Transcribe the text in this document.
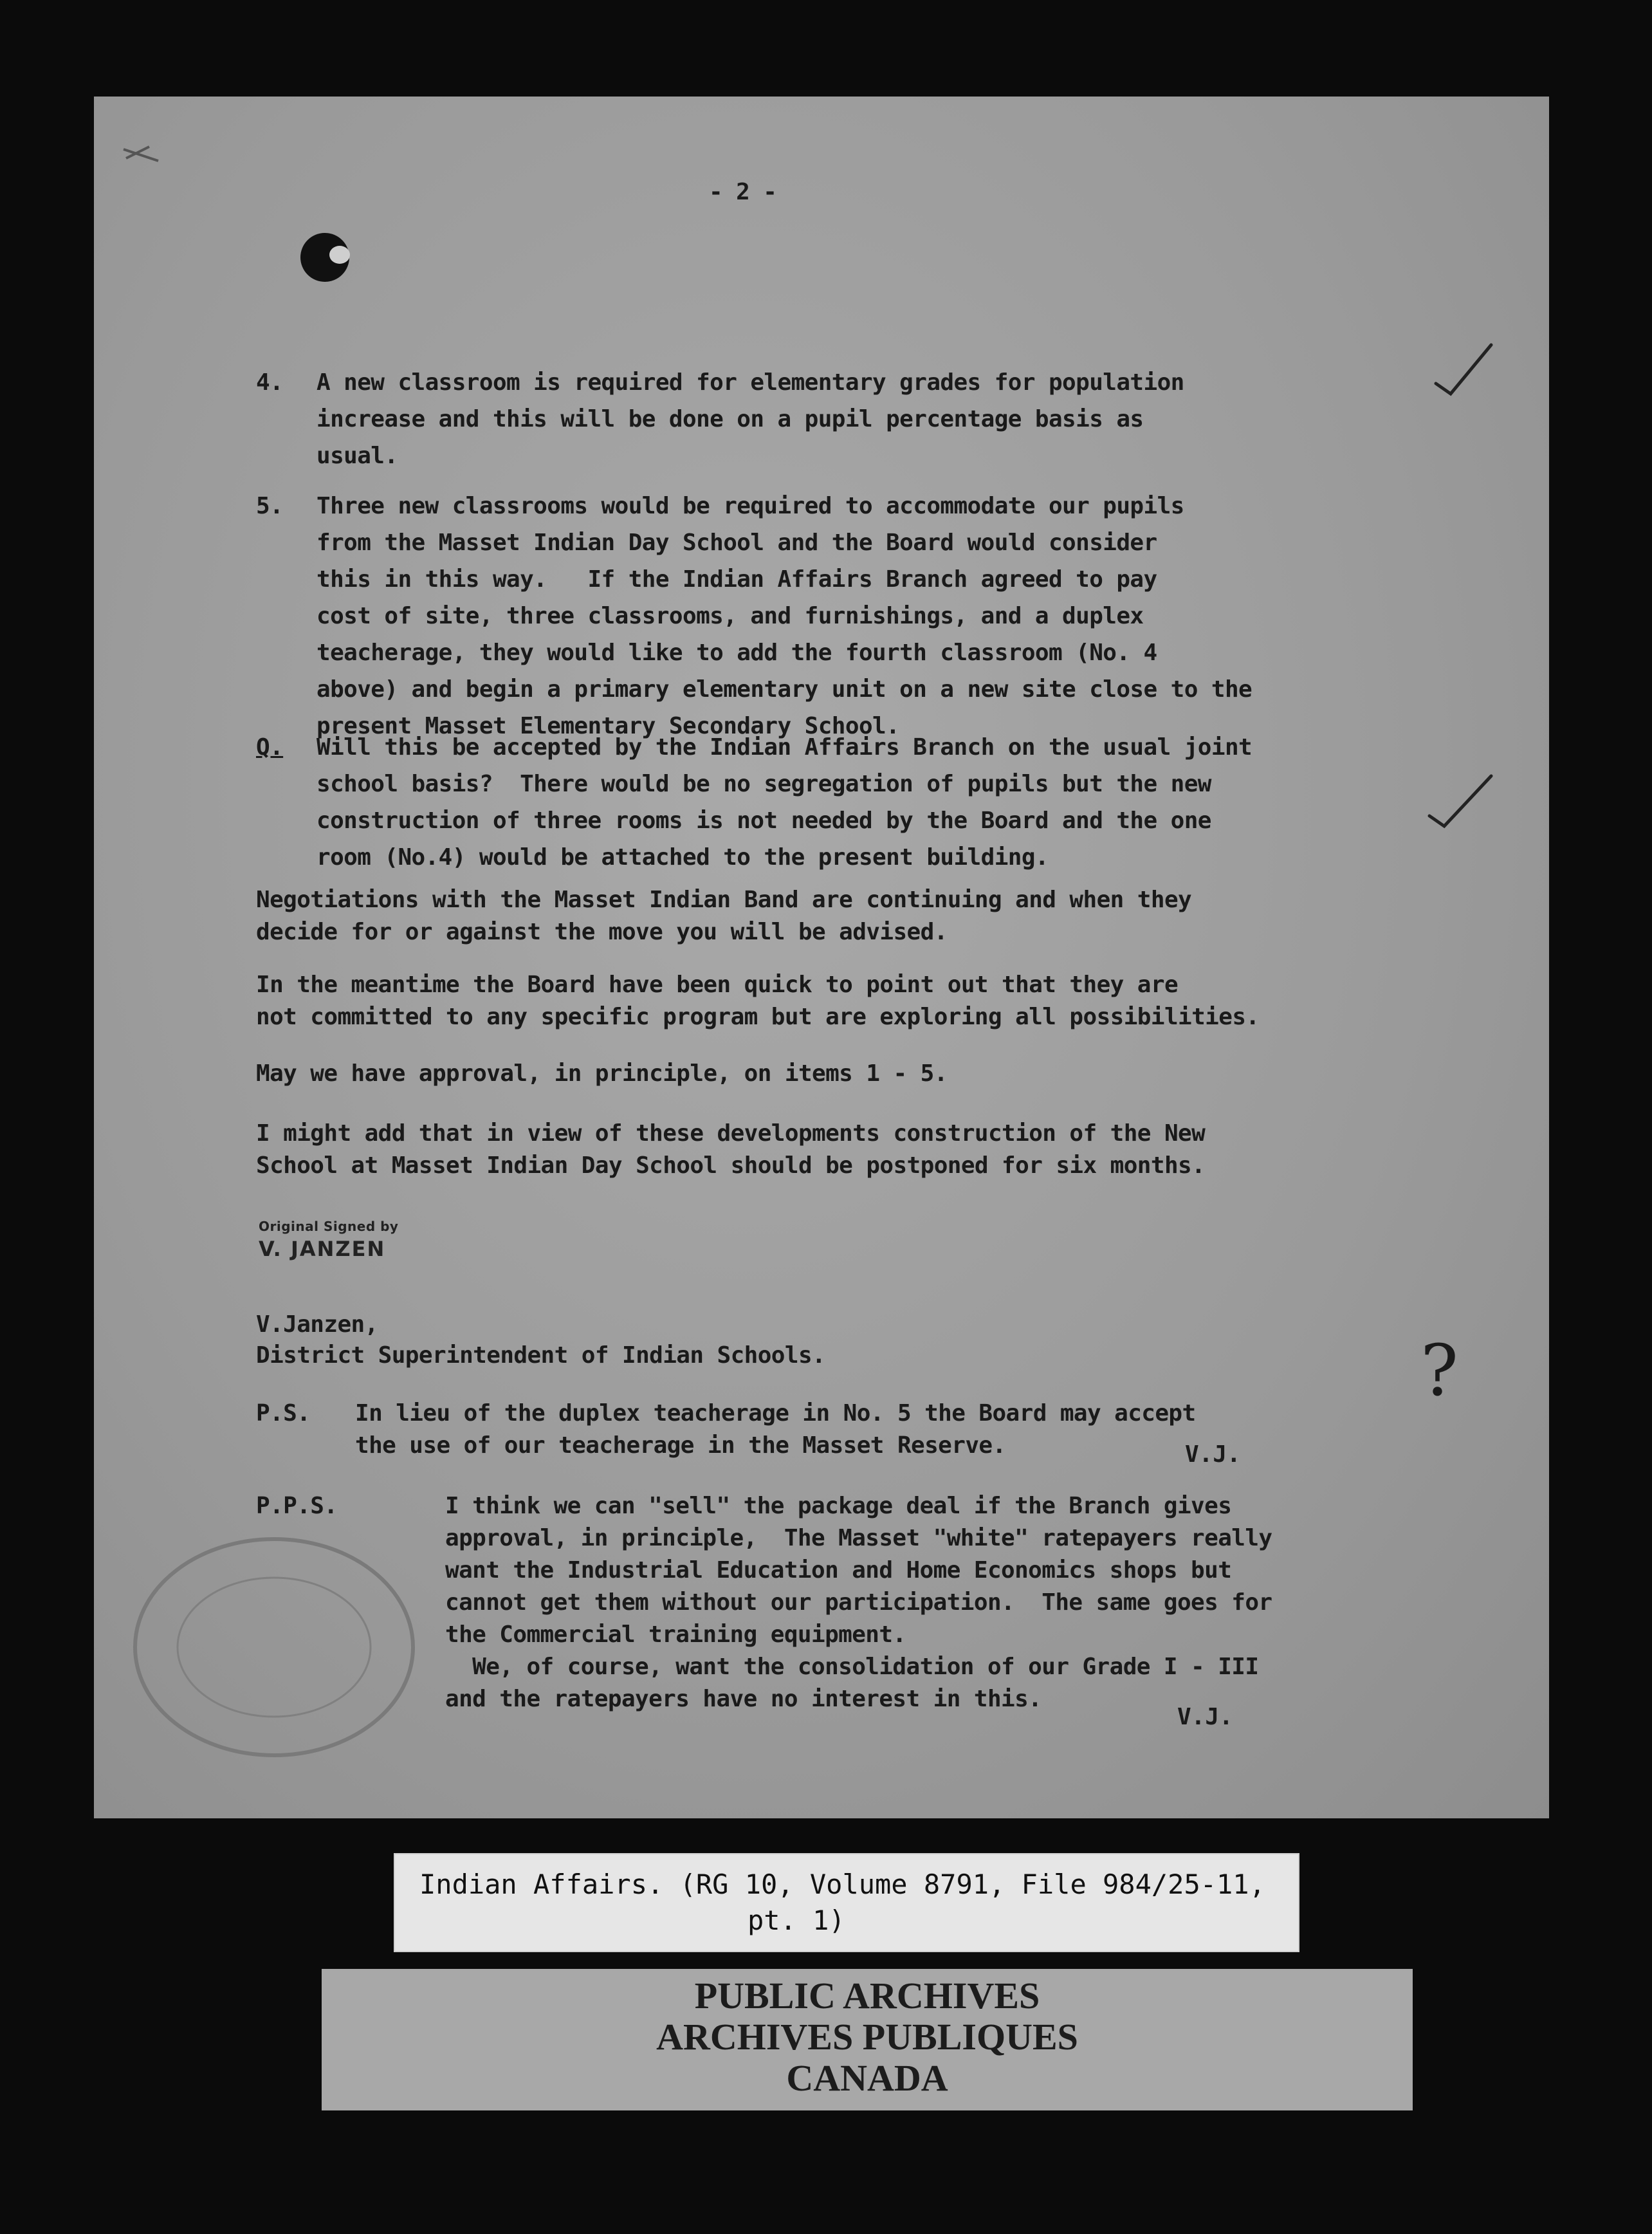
- 2 -

4. A new classroom is required for elementary grades for population

increase and this will be done on a pupil percentage basis as

usual.

5. Three new classrooms would be required to accommodate our pupils

from the Masset Indian Day School and the Board would consider

this in this way.   If the Indian Affairs Branch agreed to pay

cost of site, three classrooms, and furnishings, and a duplex

teacherage, they would like to add the fourth classroom (No. 4

above) and begin a primary elementary unit on a new site close to the

present Masset Elementary Secondary School.

Q. Will this be accepted by the Indian Affairs Branch on the usual joint

school basis?  There would be no segregation of pupils but the new

construction of three rooms is not needed by the Board and the one

room (No.4) would be attached to the present building.

Negotiations with the Masset Indian Band are continuing and when they

decide for or against the move you will be advised.

In the meantime the Board have been quick to point out that they are

not committed to any specific program but are exploring all possibilities.

May we have approval, in principle, on items 1 - 5.

I might add that in view of these developments construction of the New

School at Masset Indian Day School should be postponed for six months.

Original Signed by

V. JANZEN

V.Janzen,

District Superintendent of Indian Schools.

P.S. In lieu of the duplex teacherage in No. 5 the Board may accept

the use of our teacherage in the Masset Reserve.	V.J.

P.P.S.	I think we can "sell" the package deal if the Branch gives

approval, in principle,  The Masset "white" ratepayers really

want the Industrial Education and Home Economics shops but

cannot get them without our participation.  The same goes for

the Commercial training equipment.

We, of course, want the consolidation of our Grade I - III

and the ratepayers have no interest in this.

V.J.

?

Indian Affairs. (RG 10, Volume 8791, File 984/25-11,

pt. 1)

PUBLIC ARCHIVES

ARCHIVES PUBLIQUES

CANADA
